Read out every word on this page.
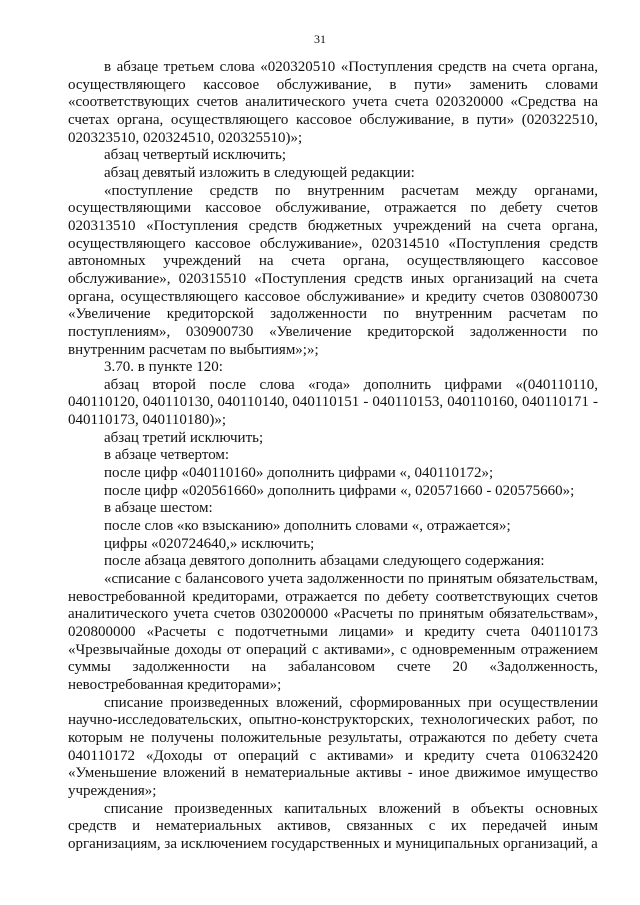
31

в абзаце третьем слова «020320510 «Поступления средств на счета органа, осуществляющего кассовое обслуживание, в пути» заменить словами «соответствующих счетов аналитического учета счета 020320000 «Средства на счетах органа, осуществляющего кассовое обслуживание, в пути» (020322510, 020323510, 020324510, 020325510)»;

абзац четвертый исключить;

абзац девятый изложить в следующей редакции:

«поступление средств по внутренним расчетам между органами, осуществляющими кассовое обслуживание, отражается по дебету счетов 020313510 «Поступления средств бюджетных учреждений на счета органа, осуществляющего кассовое обслуживание», 020314510 «Поступления средств автономных учреждений на счета органа, осуществляющего кассовое обслуживание», 020315510 «Поступления средств иных организаций на счета органа, осуществляющего кассовое обслуживание» и кредиту счетов 030800730 «Увеличение кредиторской задолженности по внутренним расчетам по поступлениям», 030900730 «Увеличение кредиторской задолженности по внутренним расчетам по выбытиям»;»;

3.70. в пункте 120:

абзац второй после слова «года» дополнить цифрами «(040110110, 040110120, 040110130, 040110140, 040110151 - 040110153, 040110160, 040110171 - 040110173, 040110180)»;

абзац третий исключить;

в абзаце четвертом:

после цифр «040110160» дополнить цифрами «, 040110172»;

после цифр «020561660» дополнить цифрами «, 020571660 - 020575660»;

в абзаце шестом:

после слов «ко взысканию» дополнить словами «, отражается»;

цифры «020724640,» исключить;

после абзаца девятого дополнить абзацами следующего содержания:

«списание с балансового учета задолженности по принятым обязательствам, невостребованной кредиторами, отражается по дебету соответствующих счетов аналитического учета счетов 030200000 «Расчеты по принятым обязательствам», 020800000 «Расчеты с подотчетными лицами» и кредиту счета 040110173 «Чрезвычайные доходы от операций с активами», с одновременным отражением суммы задолженности на забалансовом счете 20 «Задолженность, невостребованная кредиторами»;

списание произведенных вложений, сформированных при осуществлении научно-исследовательских, опытно-конструкторских, технологических работ, по которым не получены положительные результаты, отражаются по дебету счета 040110172 «Доходы от операций с активами» и кредиту счета 010632420 «Уменьшение вложений в нематериальные активы - иное движимое имущество учреждения»;

списание произведенных капитальных вложений в объекты основных средств и нематериальных активов, связанных с их передачей иным организациям, за исключением государственных и муниципальных организаций, а
